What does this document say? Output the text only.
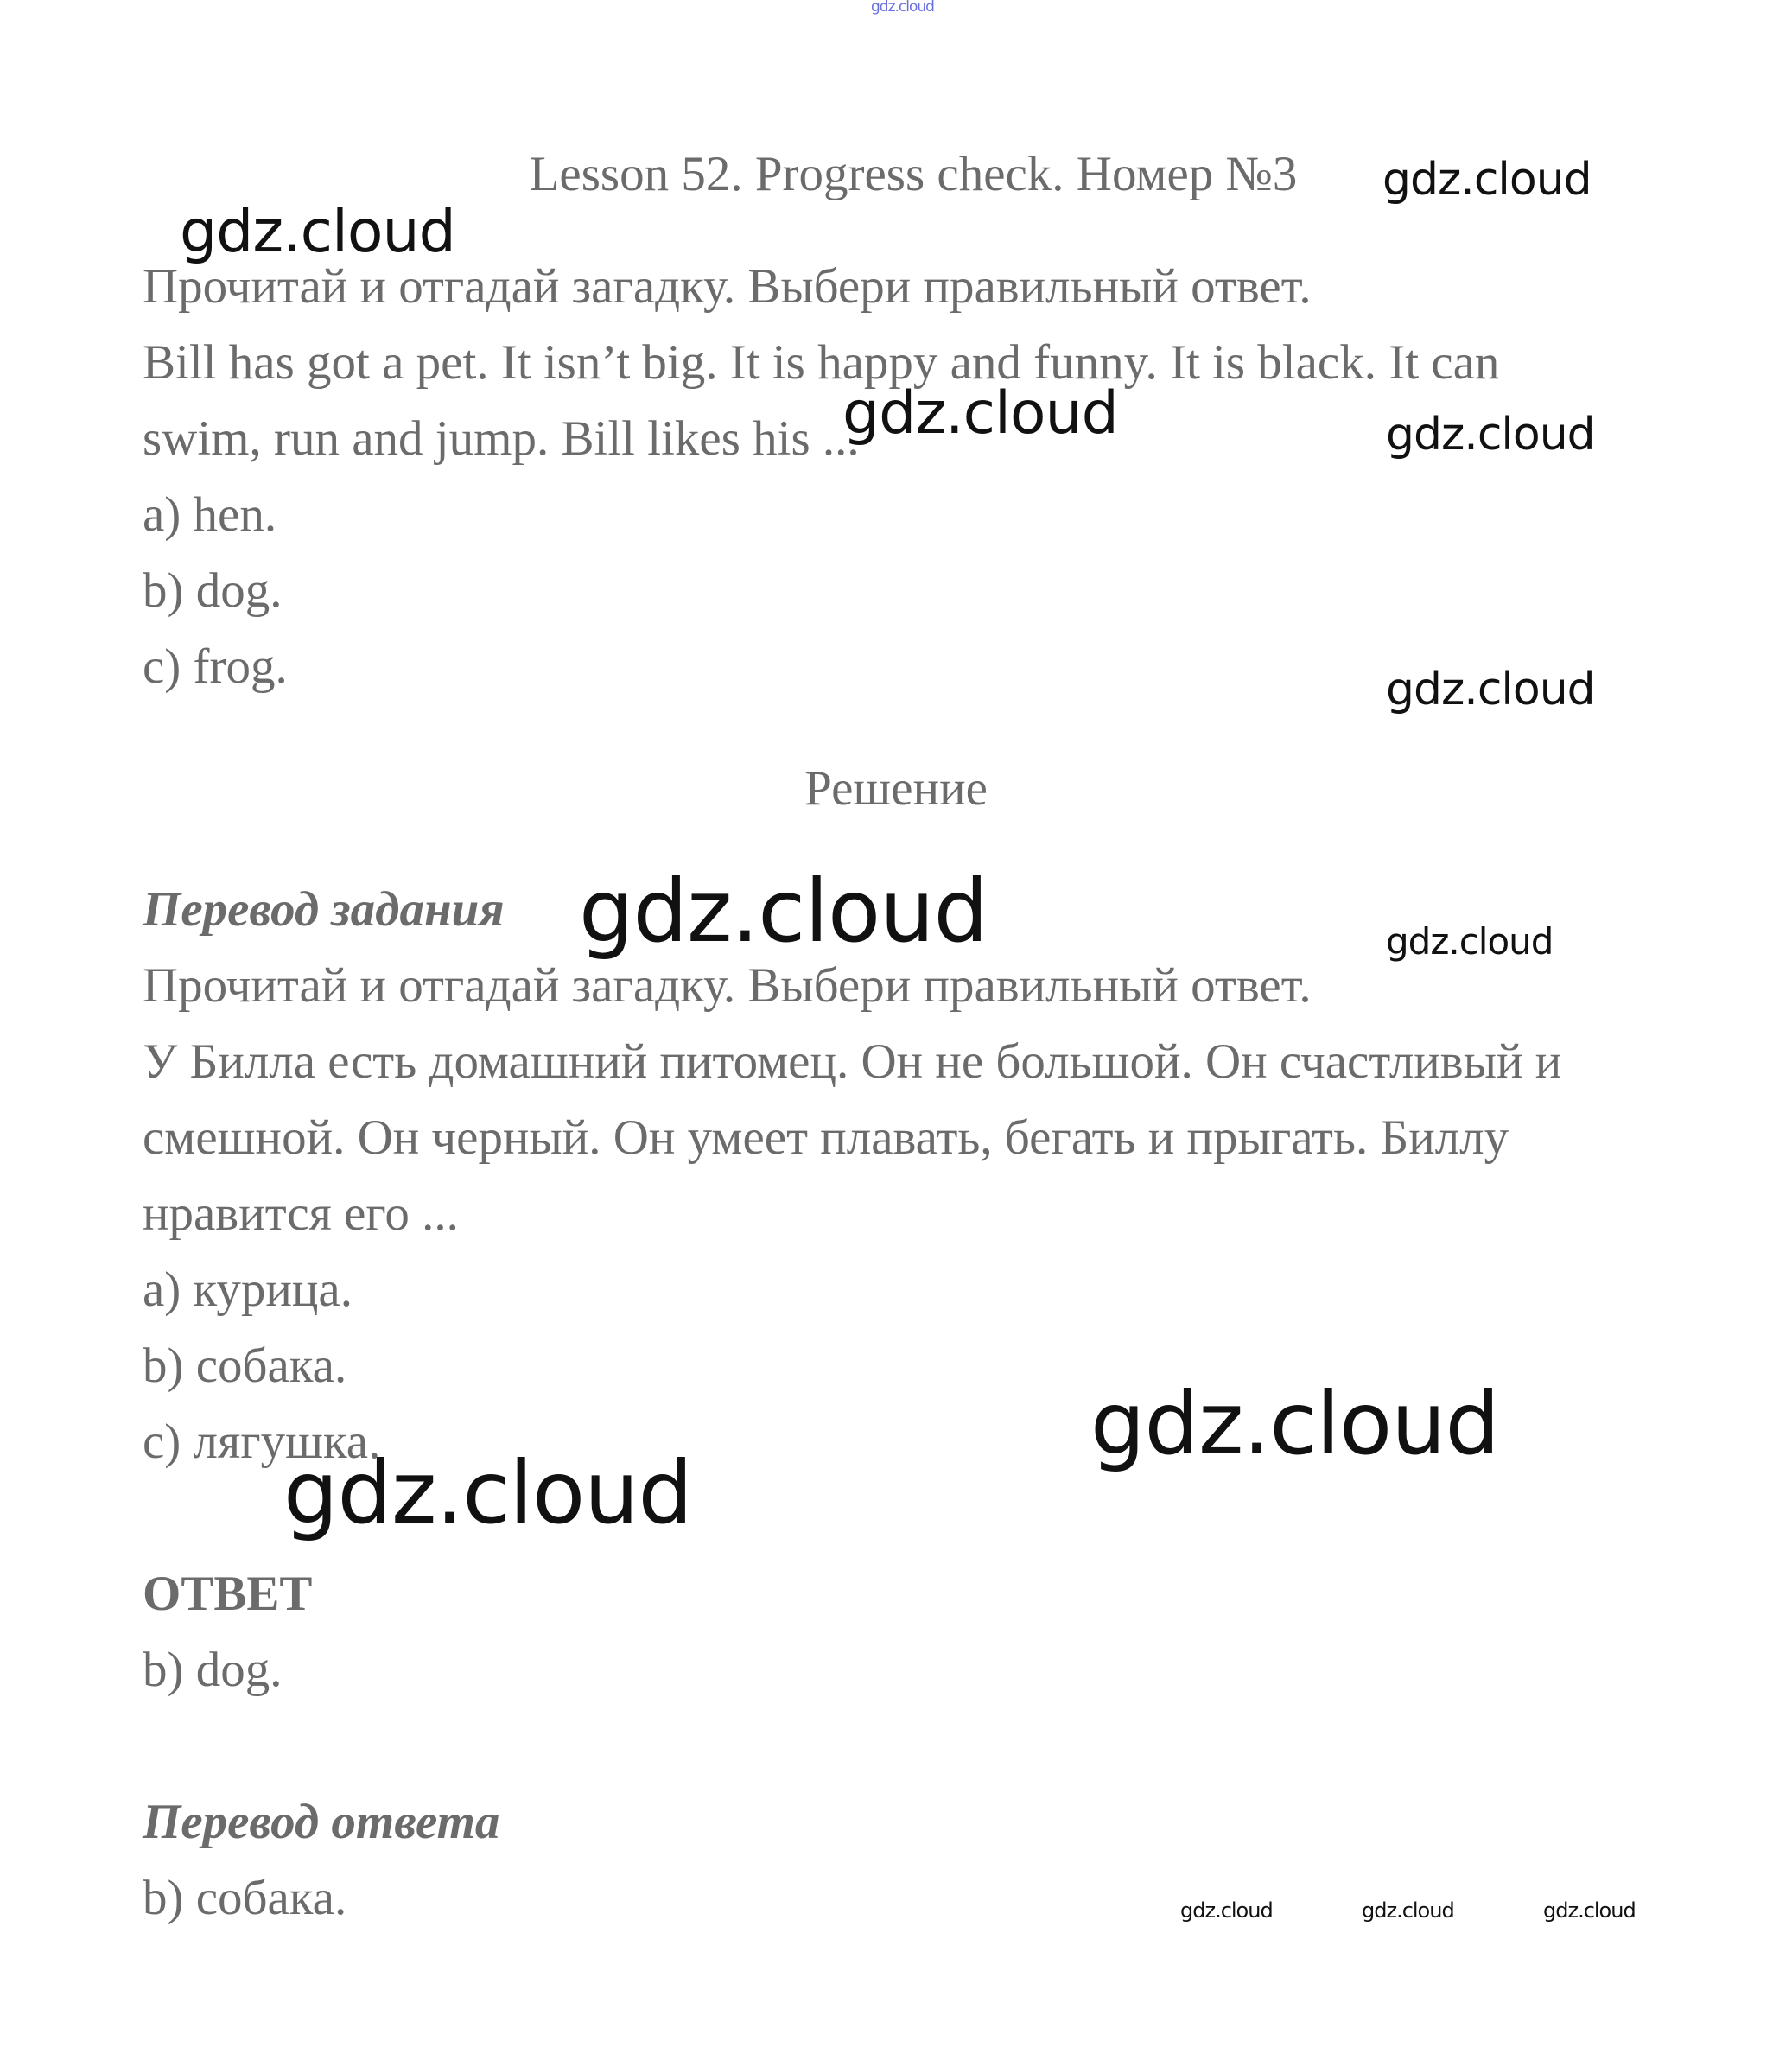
gdz.cloud
Lesson 52. Progress check. Номер №3
Прочитай и отгадай загадку. Выбери правильный ответ.
Bill has got a pet. It isn’t big. It is happy and funny. It is black. It can
swim, run and jump. Bill likes his ...
a) hen.
b) dog.
c) frog.
Решение
Перевод задания
Прочитай и отгадай загадку. Выбери правильный ответ.
У Билла есть домашний питомец. Он не большой. Он счастливый и
смешной. Он черный. Он умеет плавать, бегать и прыгать. Биллу
нравится его ...
a) курица.
b) собака.
c) лягушка.
ОТВЕТ
b) dog.
Перевод ответа
b) собака.
gdz.cloud
gdz.cloud
gdz.cloud	gdz.cloud
gdz.cloud
gdz.cloud	gdz.cloud
gdz.cloud
gdz.cloud
gdz.cloud	gdz.cloud	gdz.cloud
